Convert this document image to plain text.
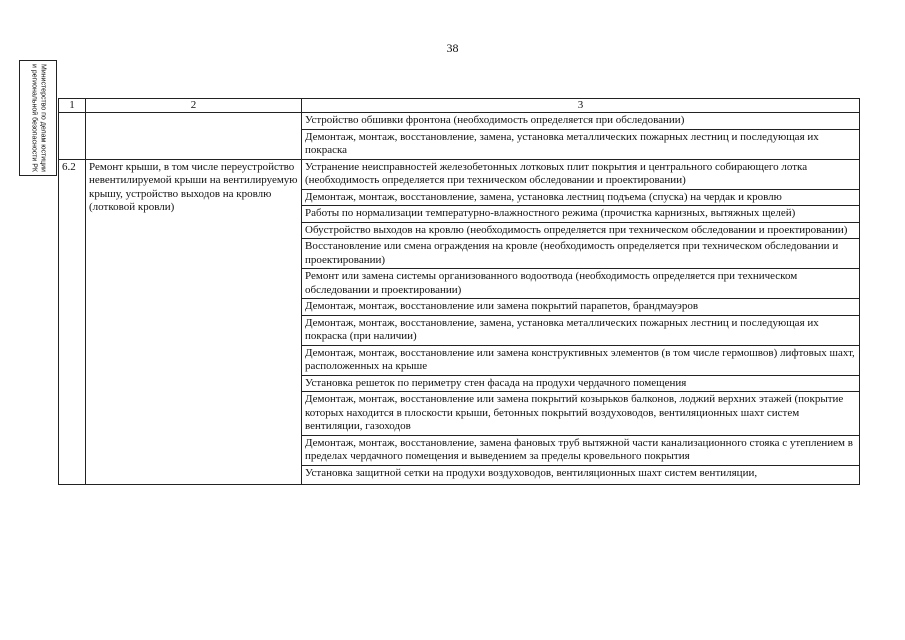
38
Министерство по делам юстиции и региональной безопасности РК	1	2	3
		Устройство обшивки фронтона (необходимость определяется при обследовании)
		Демонтаж, монтаж, восстановление, замена, установка металлических пожарных лестниц и последующая их покраска
6.2	Ремонт крыши, в том числе переустройство невентилируемой крыши на вентилируемую крышу, устройство выходов на кровлю (лотковой кровли)	Устранение неисправностей железобетонных лотковых плит покрытия и центрального собирающего лотка (необходимость определяется при техническом обследовании и проектировании)
		Демонтаж, монтаж, восстановление, замена, установка лестниц подъема (спуска) на чердак и кровлю
		Работы по нормализации температурно-влажностного режима (прочистка карнизных, вытяжных щелей)
		Обустройство выходов на кровлю (необходимость определяется при техническом обследовании и проектировании)
		Восстановление или смена ограждения на кровле (необходимость определяется при техническом обследовании и проектировании)
		Ремонт или замена системы организованного водоотвода (необходимость определяется при техническом обследовании и проектировании)
		Демонтаж, монтаж, восстановление или замена покрытий парапетов, брандмауэров
		Демонтаж, монтаж, восстановление, замена, установка металлических пожарных лестниц и последующая их покраска (при наличии)
		Демонтаж, монтаж, восстановление или замена конструктивных элементов (в том числе гермошвов) лифтовых шахт, расположенных на крыше
		Установка решеток по периметру стен фасада на продухи чердачного помещения
		Демонтаж, монтаж, восстановление или замена покрытий козырьков балконов, лоджий верхних этажей (покрытие которых находится в плоскости крыши, бетонных покрытий воздуховодов, вентиляционных шахт систем вентиляции, газоходов
		Демонтаж, монтаж, восстановление, замена фановых труб вытяжной части канализационного стояка с утеплением в пределах чердачного помещения и выведением за пределы кровельного покрытия
		Установка защитной сетки на продухи воздуховодов, вентиляционных шахт систем вентиляции,
